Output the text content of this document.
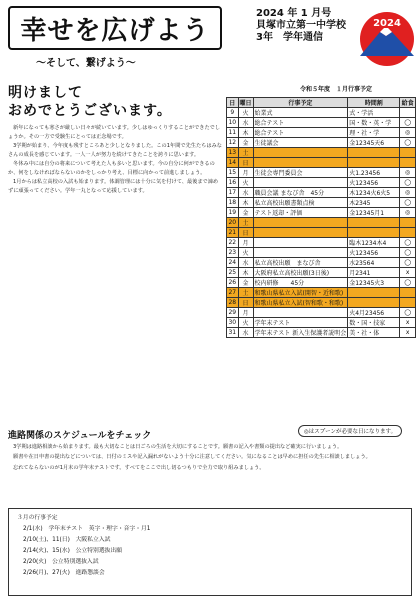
幸せを広げよう
～そして、繋げよう～
2024 年 1 月号
貝塚市立第一中学校
3年　学年通信
2024
明けまして
おめでとうございます。

新年になっても寒さが厳しい日々が続いています。少しはゆっくりすることができたでしょうか。その一方で受験生にとっては正念場です。

3学期が始まり、今年度も残すところあと少しとなりました。この1年間で先生たちはみなさんの成長を感じています。一人一人が努力を続けてきたことを誇りに思います。

冬休み中には自分の将来について考えた人も多いと思います。今の自分に何ができるのか、何をしなければならないのかをしっかり考え、目標に向かって前進しましょう。

1月からは私立高校の入試も始まります。体調管理には十分に気を付けて、最後まで諦めずに頑張ってください。学年一丸となって応援しています。

令和５年度　１月行事予定
日	曜日	行事予定	時間割	給食
9	火	始業式	式・学活	
10	水	総合テスト	国・数・英・学	◯
11	木	総合テスト	理・社・学	◎
12	金	生徒議会	金12345天6	◯
13	土			
14	日			
15	月	生徒会専門委員会	火1.23456	◎
16	火		火123456	◯
17	水	職員会議 まなび舎　45分	木1234火6火5	◎
18	木	私立高校出願書類点検	木2345	◯
19	金	テスト返却・評価	金12345月1	◎
20	土			
21	日			
22	月		臨木1234木4	◯
23	火		火123456	◯
24	水	私立高校出願　まなび舎	水23564	◯
25	木	大阪府私立高校出願(3日後)	月2341	x
26	金	校内研修　　45分	金12345火3	◯
27	土	和歌山県私立入試(開智・近和歌)		
28	日	和歌山県私立入試(智和歌・和歌)		
29	月		火4月23456	◯
30	火	学年末テスト	数・国・技家	x
31	水	学年末テスト 新入生保護者説明会	美・社・体	x
◎はスプーンが必要な日になります。
進路関係のスケジュールをチェック

3学期は進路相談から始まります。最も大切なことは日ごろの生活を大切にすることです。願書の記入や書類の提出など確実に行いましょう。

願書や在日申書の提出などについては、日付のミスや記入漏れがないよう十分に注意してください。気になることは早めに担任の先生に相談しましょう。

忘れてならないのが1月末の学年末テストです。すべてをここで出し切るつもりで全力で取り組みましょう。

３月の行事予定
2/1(水)　学年末テスト　英字・理字・音字・月1
2/10(土)、11(日)　大阪私立入試
2/14(火)、15(水)　公立特別選抜出願
2/20(火)　公立特別選抜入試
2/26(月)、27(火)　進路懇談会
